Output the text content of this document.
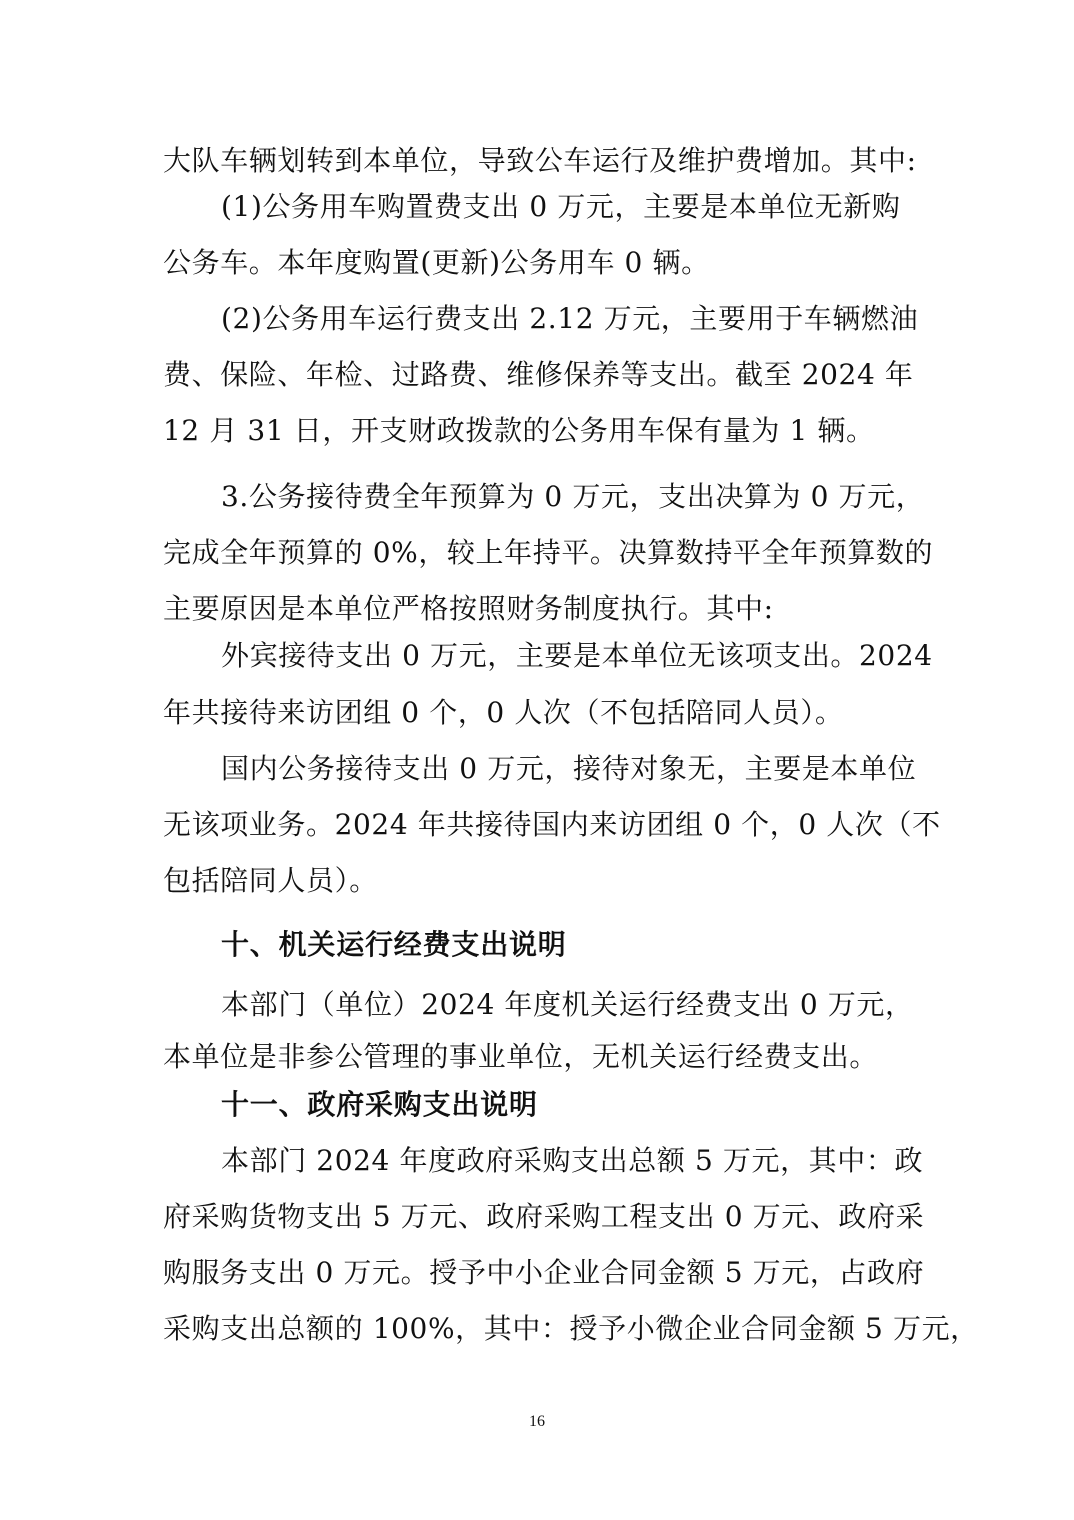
大队车辆划转到本单位，导致公车运行及维护费增加。其中:
(1)公务用车购置费支出 0 万元，主要是本单位无新购
公务车。本年度购置(更新)公务用车 0 辆。
(2)公务用车运行费支出 2.12 万元，主要用于车辆燃油
费、保险、年检、过路费、维修保养等支出。截至 2024 年
12 月 31 日，开支财政拨款的公务用车保有量为 1 辆。
3.公务接待费全年预算为 0 万元，支出决算为 0 万元，
完成全年预算的 0%，较上年持平。决算数持平全年预算数的
主要原因是本单位严格按照财务制度执行。其中:
外宾接待支出 0 万元，主要是本单位无该项支出。2024
年共接待来访团组 0 个，0 人次（不包括陪同人员）。
国内公务接待支出 0 万元，接待对象无，主要是本单位
无该项业务。2024 年共接待国内来访团组 0 个，0 人次（不
包括陪同人员）。
十、机关运行经费支出说明
本部门（单位）2024 年度机关运行经费支出 0 万元，
本单位是非参公管理的事业单位，无机关运行经费支出。
十一、政府采购支出说明
本部门 2024 年度政府采购支出总额 5 万元，其中：政
府采购货物支出 5 万元、政府采购工程支出 0 万元、政府采
购服务支出 0 万元。授予中小企业合同金额 5 万元，占政府
采购支出总额的 100%，其中：授予小微企业合同金额 5 万元，
16
